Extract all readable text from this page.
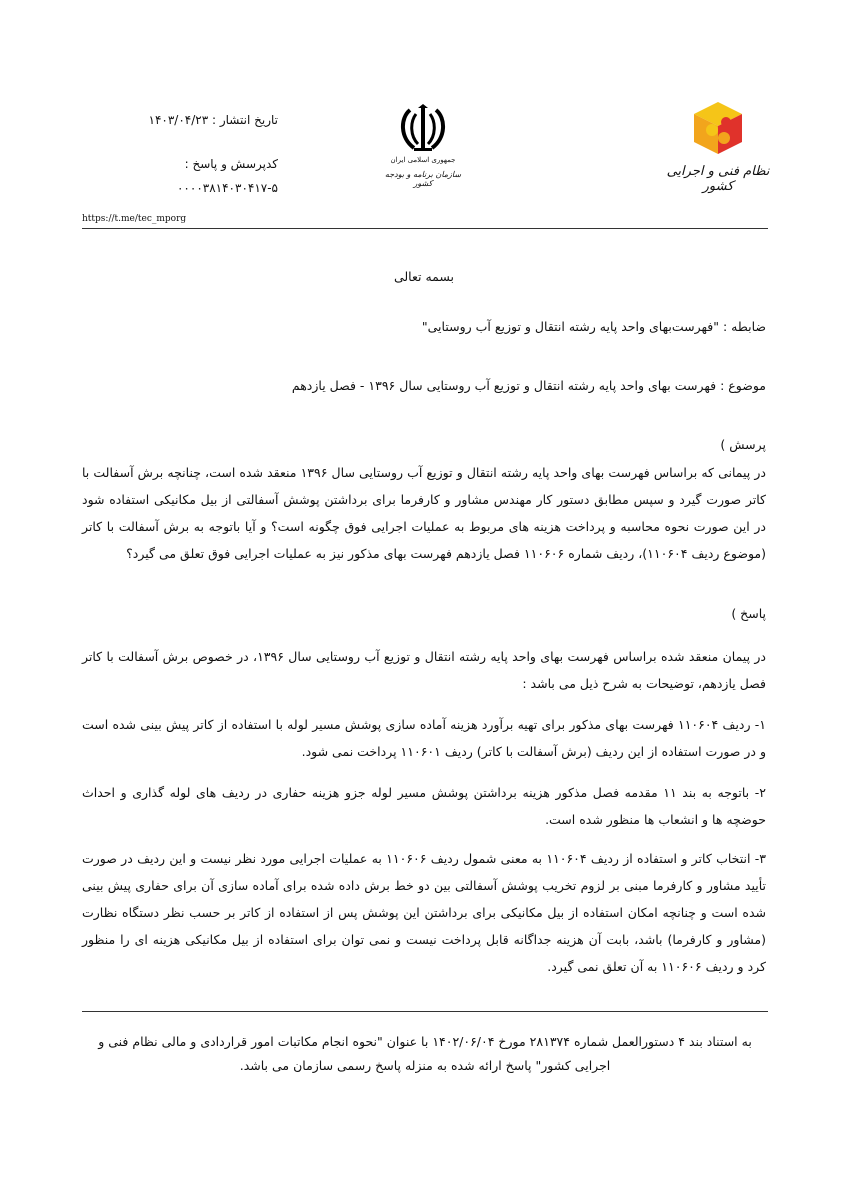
نظام فنی و اجرایی کشور
جمهوری اسلامی ایران
سازمان برنامه و بودجه کشور
تاریخ انتشار : ۱۴۰۳/۰۴/۲۳
کدپرسش و پاسخ :
۰۰۰۰۳۸۱۴۰۳۰۴۱۷-۵
https://t.me/tec_mporg
بسمه تعالی
ضابطه : "فهرست‌بهای واحد پایه رشته انتقال و توزیع آب روستایی"
موضوع : فهرست بهای واحد پایه رشته انتقال و توزیع آب روستایی سال ۱۳۹۶ - فصل یازدهم
پرسش )
در پیمانی که براساس فهرست بهای واحد پایه رشته انتقال و توزیع آب روستایی سال ۱۳۹۶ منعقد شده است، چنانچه برش آسفالت با کاتر صورت گیرد و سپس مطابق دستور کار مهندس مشاور و کارفرما برای برداشتن پوشش آسفالتی از بیل مکانیکی استفاده شود در این صورت نحوه محاسبه و پرداخت هزینه های مربوط به عملیات اجرایی فوق چگونه است؟ و آیا باتوجه به برش آسفالت با کاتر (موضوع ردیف ۱۱۰۶۰۴)، ردیف شماره ۱۱۰۶۰۶ فصل یازدهم فهرست بهای مذکور نیز به عملیات اجرایی فوق تعلق می گیرد؟
پاسخ )
در پیمان منعقد شده براساس فهرست بهای واحد پایه رشته انتقال و توزیع آب روستایی سال ۱۳۹۶، در خصوص برش آسفالت با کاتر فصل یازدهم، توضیحات به شرح ذیل می باشد :
۱- ردیف ۱۱۰۶۰۴ فهرست بهای مذکور برای تهیه برآورد هزینه آماده سازی پوشش مسیر لوله با استفاده از کاتر پیش بینی شده است و در صورت استفاده از این ردیف (برش آسفالت با کاتر) ردیف ۱۱۰۶۰۱ پرداخت نمی شود.
۲- باتوجه به بند ۱۱ مقدمه فصل مذکور هزینه برداشتن پوشش مسیر لوله جزو هزینه حفاری در ردیف های لوله گذاری و احداث حوضچه ها و انشعاب ها منظور شده است.
۳- انتخاب کاتر و استفاده از ردیف ۱۱۰۶۰۴ به معنی شمول ردیف ۱۱۰۶۰۶ به عملیات اجرایی مورد نظر نیست و این ردیف در صورت تأیید مشاور و کارفرما مبنی بر لزوم تخریب پوشش آسفالتی بین دو خط برش داده شده برای آماده سازی آن برای حفاری پیش بینی شده است و چنانچه امکان استفاده از بیل مکانیکی برای برداشتن این پوشش پس از استفاده از کاتر بر حسب نظر دستگاه نظارت (مشاور و کارفرما) باشد، بابت آن هزینه جداگانه قابل پرداخت نیست و نمی توان برای استفاده از بیل مکانیکی هزینه ای را منظور کرد و ردیف ۱۱۰۶۰۶ به آن تعلق نمی گیرد.
به استناد بند ۴ دستورالعمل شماره ۲۸۱۳۷۴ مورخ ۱۴۰۲/۰۶/۰۴ با عنوان "نحوه انجام مکاتبات امور قراردادی و مالی نظام فنی و اجرایی کشور" پاسخ ارائه شده به منزله پاسخ رسمی سازمان می باشد.
